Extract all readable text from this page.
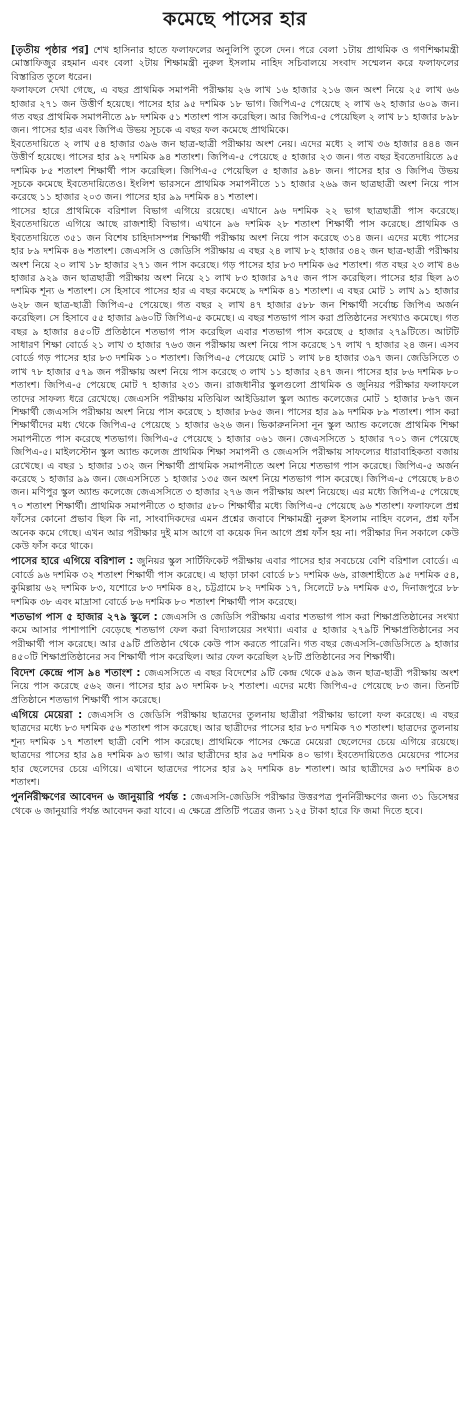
কমেছে পাসের হার

[তৃতীয় পৃষ্ঠার পর] শেখ হাসিনার হাতে ফলাফলের অনুলিপি তুলে দেন। পরে বেলা ১টায় প্রাথমিক ও গণশিক্ষামন্ত্রী মোস্তাফিজুর রহমান এবং বেলা ২টায় শিক্ষামন্ত্রী নুরুল ইসলাম নাহিদ সচিবালয়ে সংবাদ সম্মেলন করে ফলাফলের বিস্তারিত তুলে ধরেন।

ফলাফলে দেখা গেছে, এ বছর প্রাথমিক সমাপনী পরীক্ষায় ২৬ লাখ ১৬ হাজার ২১৬ জন অংশ নিয়ে ২৫ লাখ ৬৬ হাজার ২৭১ জন উত্তীর্ণ হয়েছে। পাসের হার ৯৫ দশমিক ১৮ ভাগ। জিপিএ-৫ পেয়েছে ২ লাখ ৬২ হাজার ৬০৯ জন। গত বছর প্রাথমিক সমাপনীতে ৯৮ দশমিক ৫১ শতাংশ পাস করেছিল। আর জিপিএ-৫ পেয়েছিল ২ লাখ ৮১ হাজার ৮৯৮ জন। পাসের হার এবং জিপিএ উভয় সূচকে এ বছর ফল কমেছে প্রাথমিকে।

ইবতেদায়িতে ২ লাখ ৫৪ হাজার ৩৯৬ জন ছাত্র-ছাত্রী পরীক্ষায় অংশ নেয়। এদের মধ্যে ২ লাখ ৩৬ হাজার ৪৪৪ জন উত্তীর্ণ হয়েছে। পাসের হার ৯২ দশমিক ৯৪ শতাংশ। জিপিএ-৫ পেয়েছে ৫ হাজার ২৩ জন। গত বছর ইবতেদায়িতে ৯৫ দশমিক ৮৫ শতাংশ শিক্ষার্থী পাস করেছিল। জিপিএ-৫ পেয়েছিল ৫ হাজার ৯৪৮ জন। পাসের হার ও জিপিএ উভয় সূচকে কমেছে ইবতেদায়িতেও। ইংলিশ ভারসনে প্রাথমিক সমাপনীতে ১১ হাজার ২৬৯ জন ছাত্রছাত্রী অংশ নিয়ে পাস করেছে ১১ হাজার ২০৩ জন। পাসের হার ৯৯ দশমিক ৪১ শতাংশ।

পাসের হারে প্রাথমিকে বরিশাল বিভাগ এগিয়ে রয়েছে। এখানে ৯৬ দশমিক ২২ ভাগ ছাত্রছাত্রী পাস করেছে। ইবতেদায়িতে এগিয়ে আছে রাজশাহী বিভাগ। এখানে ৯৬ দশমিক ২৮ শতাংশ শিক্ষার্থী পাস করেছে। প্রাথমিক ও ইবতেদায়িতে ৩৫১ জন বিশেষ চাহিদাসম্পন্ন শিক্ষার্থী পরীক্ষায় অংশ নিয়ে পাস করেছে ৩১৪ জন। এদের মধ্যে পাসের হার ৮৯ দশমিক ৪৬ শতাংশ। জেএসসি ও জেডিসি পরীক্ষায় এ বছর ২৪ লাখ ৮২ হাজার ৩৪২ জন ছাত্র-ছাত্রী পরীক্ষায় অংশ নিয়ে ২০ লাখ ১৮ হাজার ২৭১ জন পাস করেছে। গড় পাসের হার ৮৩ দশমিক ৬৫ শতাংশ। গত বছর ২৩ লাখ ৪৬ হাজার ৯২৯ জন ছাত্রছাত্রী পরীক্ষায় অংশ নিয়ে ২১ লাখ ৮৩ হাজার ৯৭৫ জন পাস করেছিল। পাসের হার ছিল ৯৩ দশমিক শূন্য ৬ শতাংশ। সে হিসাবে পাসের হার এ বছর কমেছে ৯ দশমিক ৪১ শতাংশ। এ বছর মোট ১ লাখ ৯১ হাজার ৬২৮ জন ছাত্র-ছাত্রী জিপিএ-৫ পেয়েছে। গত বছর ২ লাখ ৪৭ হাজার ৫৮৮ জন শিক্ষার্থী সর্বোচ্চ জিপিএ অর্জন করেছিল। সে হিসাবে ৫৫ হাজার ৯৬০টি জিপিএ-৫ কমেছে। এ বছর শতভাগ পাস করা প্রতিষ্ঠানের সংখ্যাও কমেছে। গত বছর ৯ হাজার ৪৫০টি প্রতিষ্ঠানে শতভাগ পাস করেছিল এবার শতভাগ পাস করেছে ৫ হাজার ২৭৯টিতে। আটটি সাধারণ শিক্ষা বোর্ডে ২১ লাখ ৩ হাজার ৭৬৩ জন পরীক্ষায় অংশ নিয়ে পাস করেছে ১৭ লাখ ৭ হাজার ২৪ জন। এসব বোর্ডে গড় পাসের হার ৮৩ দশমিক ১০ শতাংশ। জিপিএ-৫ পেয়েছে মোট ১ লাখ ৮৪ হাজার ৩৯৭ জন। জেডিসিতে ৩ লাখ ৭৮ হাজার ৫৭৯ জন পরীক্ষায় অংশ নিয়ে পাস করেছে ৩ লাখ ১১ হাজার ২৪৭ জন। পাসের হার ৮৬ দশমিক ৮০ শতাংশ। জিপিএ-৫ পেয়েছে মোট ৭ হাজার ২৩১ জন। রাজধানীর স্কুলগুলো প্রাথমিক ও জুনিয়র পরীক্ষার ফলাফলে তাদের সাফল্য ধরে রেখেছে। জেএসসি পরীক্ষায় মতিঝিল আইডিয়াল স্কুল অ্যান্ড কলেজের মোট ১ হাজার ৮৬৭ জন শিক্ষার্থী জেএসসি পরীক্ষায় অংশ নিয়ে পাস করেছে ১ হাজার ৮৬৫ জন। পাসের হার ৯৯ দশমিক ৮৯ শতাংশ। পাস করা শিক্ষার্থীদের মধ্য থেকে জিপিএ-৫ পেয়েছে ১ হাজার ৬২৬ জন। ভিকারুননিসা নূন স্কুল অ্যান্ড কলেজে প্রাথমিক শিক্ষা সমাপনীতে পাস করেছে শতভাগ। জিপিএ-৫ পেয়েছে ১ হাজার ০৬১ জন। জেএসসিতে ১ হাজার ৭০১ জন পেয়েছে জিপিএ-৫। মাইলস্টোন স্কুল অ্যান্ড কলেজ প্রাথমিক শিক্ষা সমাপনী ও জেএসসি পরীক্ষায় সাফল্যের ধারাবাহিকতা বজায় রেখেছে। এ বছর ১ হাজার ১৩২ জন শিক্ষার্থী প্রাথমিক সমাপনীতে অংশ নিয়ে শতভাগ পাস করেছে। জিপিএ-৫ অর্জন করেছে ১ হাজার ৯৯ জন। জেএসসিতে ১ হাজার ১৩৫ জন অংশ নিয়ে শতভাগ পাস করেছে। জিপিএ-৫ পেয়েছে ৮৪৩ জন। মণিপুর স্কুল অ্যান্ড কলেজে জেএসসিতে ৩ হাজার ২৭৬ জন পরীক্ষায় অংশ নিয়েছে। এর মধ্যে জিপিএ-৫ পেয়েছে ৭০ শতাংশ শিক্ষার্থী। প্রাথমিক সমাপনীতে ৩ হাজার ৫৮০ শিক্ষার্থীর মধ্যে জিপিএ-৫ পেয়েছে ৯৬ শতাংশ। ফলাফলে প্রশ্ন ফাঁসের কোনো প্রভাব ছিল কি না, সাংবাদিকদের এমন প্রশ্নের জবাবে শিক্ষামন্ত্রী নুরুল ইসলাম নাহিদ বলেন, প্রশ্ন ফাঁস অনেক কমে গেছে। এখন আর পরীক্ষার দুই মাস আগে বা কয়েক দিন আগে প্রশ্ন ফাঁস হয় না। পরীক্ষার দিন সকালে কেউ কেউ ফাঁস করে থাকে।

পাসের হারে এগিয়ে বরিশাল : জুনিয়র স্কুল সার্টিফিকেট পরীক্ষায় এবার পাসের হার সবচেয়ে বেশি বরিশাল বোর্ডে। এ বোর্ডে ৯৬ দশমিক ৩২ শতাংশ শিক্ষার্থী পাস করেছে। এ ছাড়া ঢাকা বোর্ডে ৮১ দশমিক ৬৬, রাজশাহীতে ৯৫ দশমিক ৫৪, কুমিল্লায় ৬২ দশমিক ৮৩, যশোরে ৮৩ দশমিক ৪২, চট্টগ্রামে ৮২ দশমিক ১৭, সিলেটে ৮৯ দশমিক ৫৩, দিনাজপুরে ৮৮ দশমিক ৩৮ এবং মাদ্রাসা বোর্ডে ৮৬ দশমিক ৮০ শতাংশ শিক্ষার্থী পাস করেছে।

শতভাগ পাস ৫ হাজার ২৭৯ স্কুলে : জেএসসি ও জেডিসি পরীক্ষায় এবার শতভাগ পাস করা শিক্ষাপ্রতিষ্ঠানের সংখ্যা কমে আসার পাশাপাশি বেড়েছে শতভাগ ফেল করা বিদ্যালয়ের সংখ্যা। এবার ৫ হাজার ২৭৯টি শিক্ষাপ্রতিষ্ঠানের সব পরীক্ষার্থী পাস করেছে। আর ৫৯টি প্রতিষ্ঠান থেকে কেউ পাস করতে পারেনি। গত বছর জেএসসি-জেডিসিতে ৯ হাজার ৪৫০টি শিক্ষাপ্রতিষ্ঠানের সব শিক্ষার্থী পাস করেছিল। আর ফেল করেছিল ২৮টি প্রতিষ্ঠানের সব শিক্ষার্থী।

বিদেশ কেন্দ্রে পাস ৯৪ শতাংশ : জেএসসিতে এ বছর বিদেশের ৯টি কেন্দ্র থেকে ৫৯৯ জন ছাত্র-ছাত্রী পরীক্ষায় অংশ নিয়ে পাস করেছে ৫৬২ জন। পাসের হার ৯৩ দশমিক ৮২ শতাংশ। এদের মধ্যে জিপিএ-৫ পেয়েছে ৮৩ জন। তিনটি প্রতিষ্ঠানে শতভাগ শিক্ষার্থী পাস করেছে।

এগিয়ে মেয়েরা : জেএসসি ও জেডিসি পরীক্ষায় ছাত্রদের তুলনায় ছাত্রীরা পরীক্ষায় ভালো ফল করেছে। এ বছর ছাত্রদের মধ্যে ৮৩ দশমিক ৫৬ শতাংশ পাস করেছে। আর ছাত্রীদের পাসের হার ৮৩ দশমিক ৭৩ শতাংশ। ছাত্রদের তুলনায় শূন্য দশমিক ১৭ শতাংশ ছাত্রী বেশি পাস করেছে। প্রাথমিকে পাসের ক্ষেত্রে মেয়েরা ছেলেদের চেয়ে এগিয়ে রয়েছে। ছাত্রদের পাসের হার ৯৪ দশমিক ৯৩ ভাগ। আর ছাত্রীদের হার ৯৫ দশমিক ৪০ ভাগ। ইবতেদায়িতেও মেয়েদের পাসের হার ছেলেদের চেয়ে এগিয়ে। এখানে ছাত্রদের পাসের হার ৯২ দশমিক ৪৮ শতাংশ। আর ছাত্রীদের ৯৩ দশমিক ৪৩ শতাংশ।

পুনর্নিরীক্ষণের আবেদন ৬ জানুয়ারি পর্যন্ত : জেএসসি-জেডিসি পরীক্ষার উত্তরপত্র পুনর্নিরীক্ষণের জন্য ৩১ ডিসেম্বর থেকে ৬ জানুয়ারি পর্যন্ত আবেদন করা যাবে। এ ক্ষেত্রে প্রতিটি পত্রের জন্য ১২৫ টাকা হারে ফি জমা দিতে হবে।
